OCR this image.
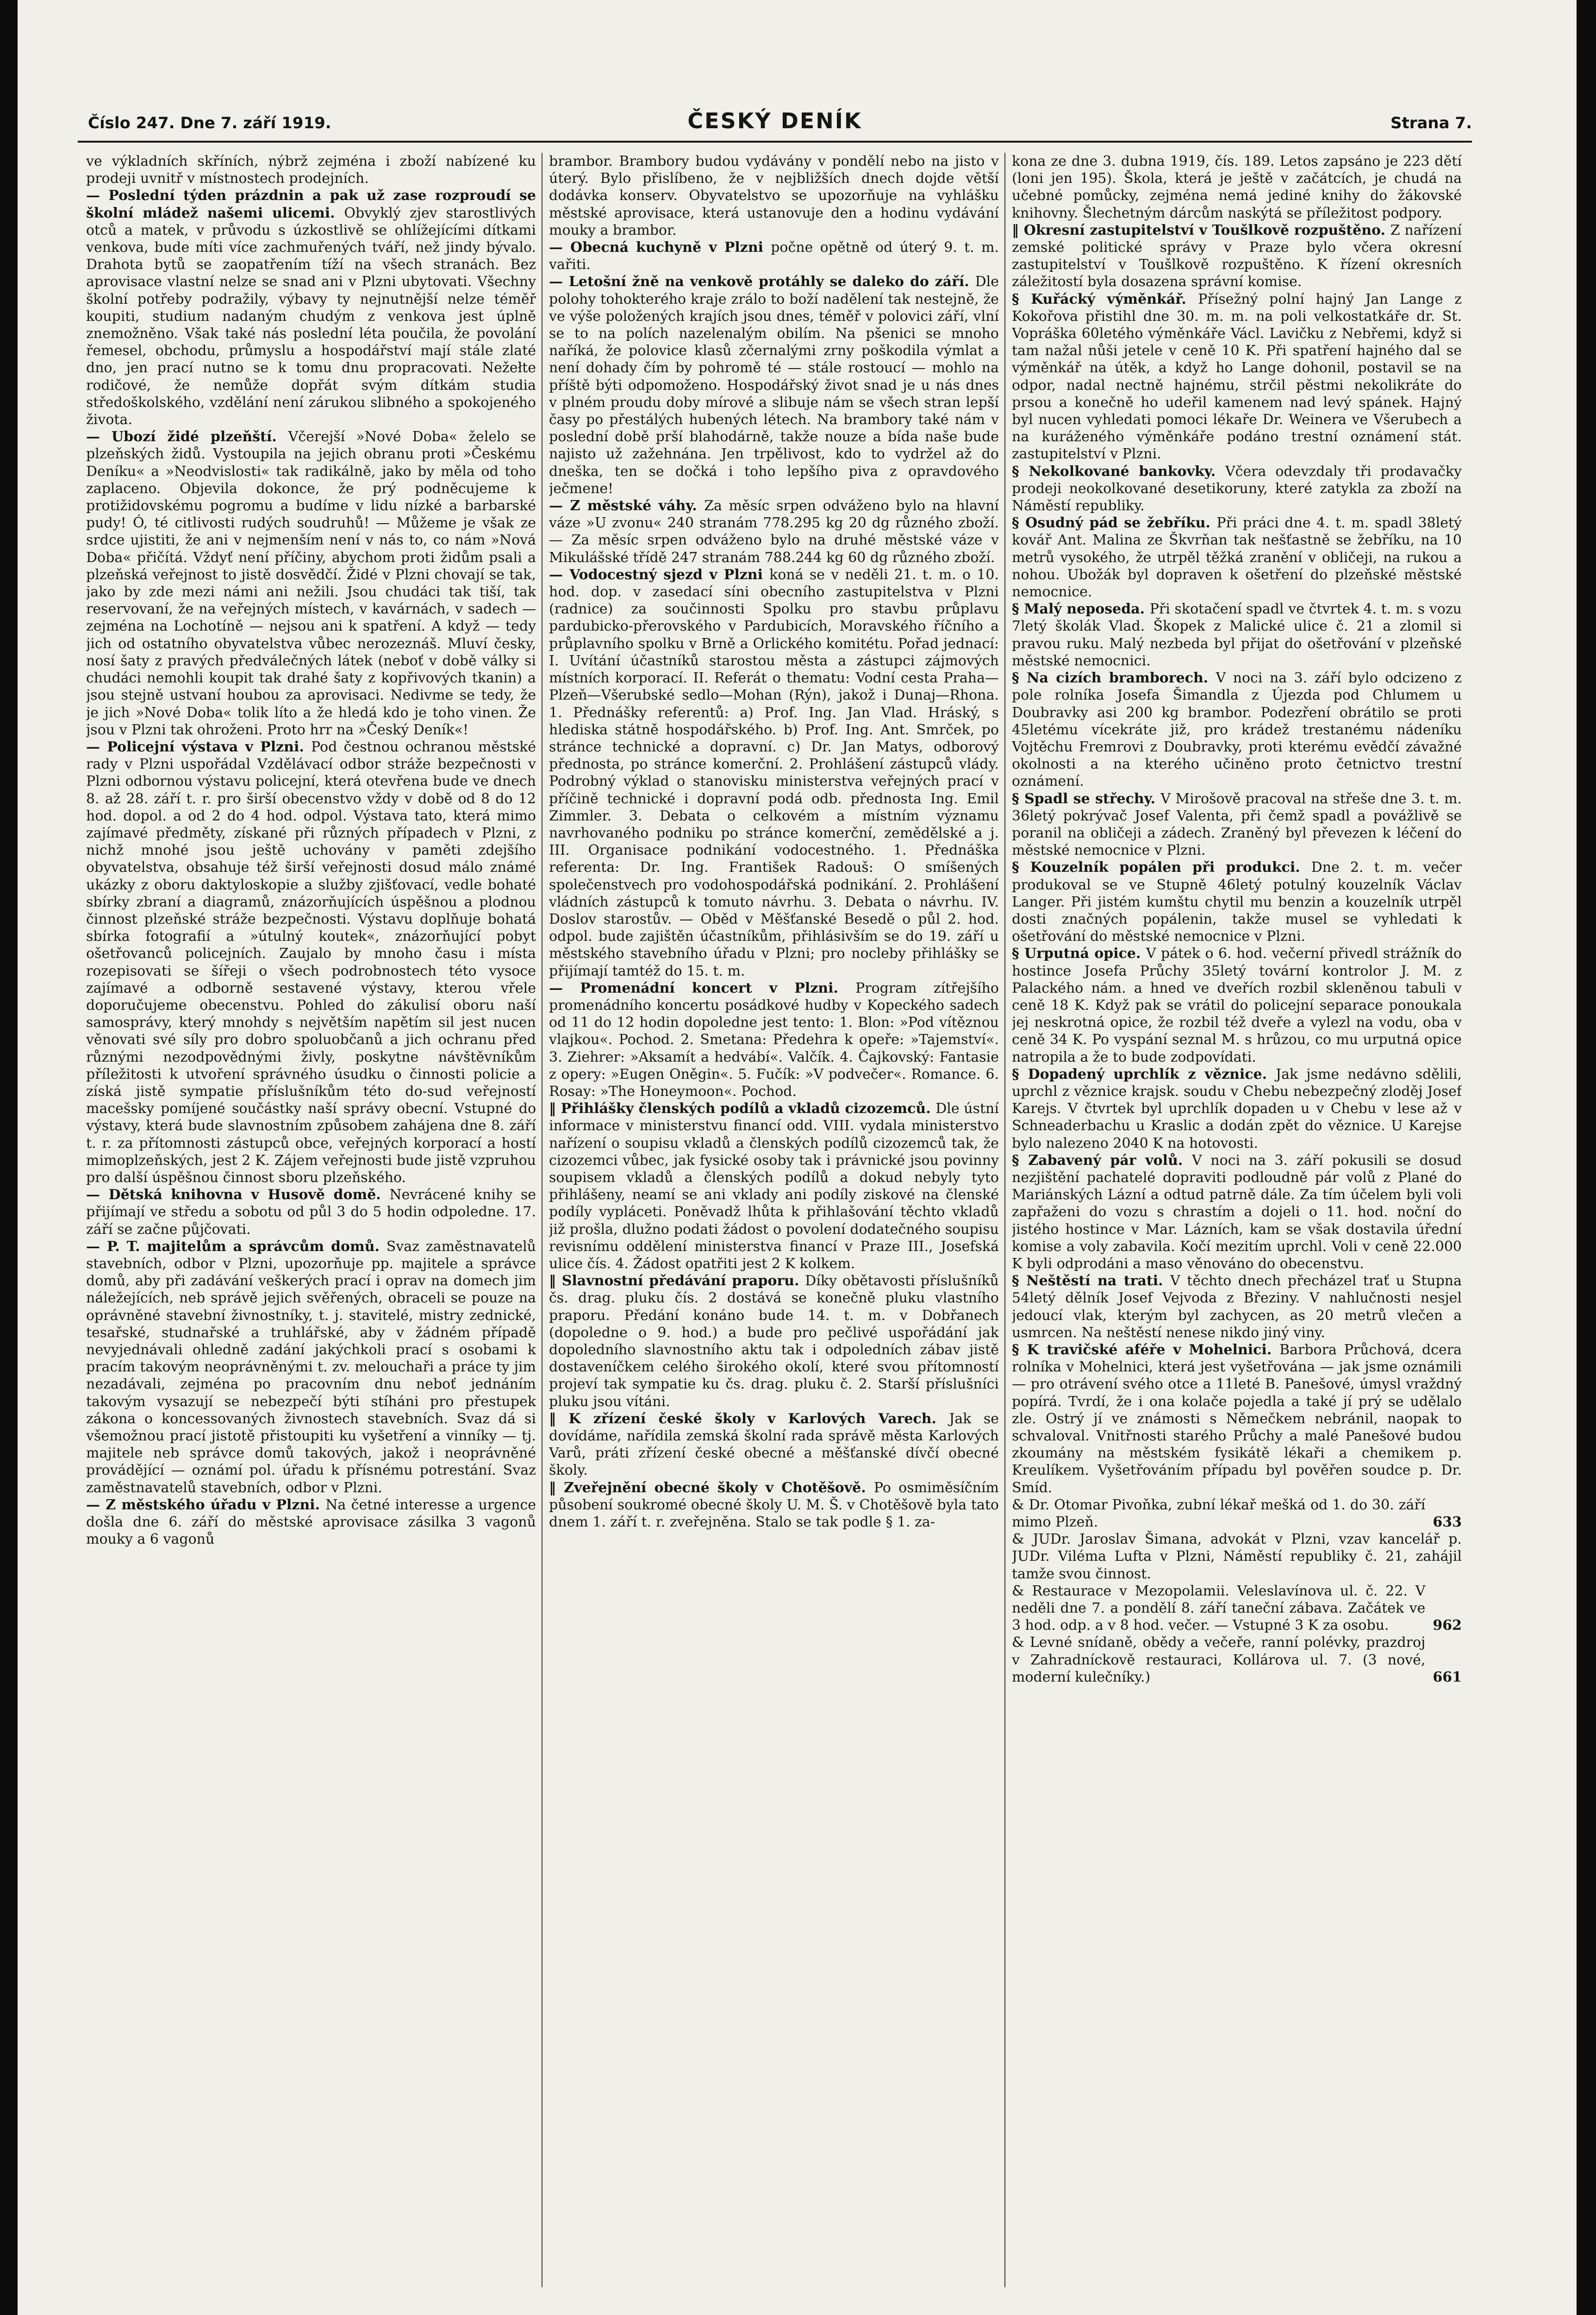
Číslo 247. Dne 7. září 1919.	ČESKÝ DENÍK	Strana 7.

ve výkladních skříních, nýbrž zejména i zboží nabízené ku prodeji uvnitř v místnostech prodejních.

— Poslední týden prázdnin a pak už zase rozproudí se školní mládež našemi ulicemi. Obvyklý zjev starostlivých otců a matek, v průvodu s úzkostlivě se ohlížejícími dítkami venkova, bude míti více zachmuřených tváří, než jindy bývalo. Drahota bytů se zaopatřením tíží na všech stranách. Bez aprovisace vlastní nelze se snad ani v Plzni ubytovati. Všechny školní potřeby podražily, výbavy ty nejnutnější nelze téměř koupiti, studium nadaným chudým z venkova jest úplně znemožněno. Však také nás poslední léta poučila, že povolání řemesel, obchodu, průmyslu a hospodářství mají stále zlaté dno, jen prací nutno se k tomu dnu propracovati. Nežełte rodičové, že nemůže dopřát svým dítkám studia středoškolského, vzdělání není zárukou slibného a spokojeného života.

— Ubozí židé plzeňští. Včerejší »Nové Doba« želelo se plzeňských židů. Vystoupila na jejich obranu proti »Českému Deníku« a »Neodvislosti« tak radikálně, jako by měla od toho zaplaceno. Objevila dokonce, že prý podněcujeme k protižidovskému pogromu a budíme v lidu nízké a barbarské pudy! Ó, té citlivosti rudých soudruhů! — Můžeme je však ze srdce ujistiti, že ani v nejmenším není v nás to, co nám »Nová Doba« přičítá. Vždyť není příčiny, abychom proti židům psali a plzeňská veřejnost to jistě dosvědčí. Židé v Plzni chovají se tak, jako by zde mezi námi ani nežili. Jsou chudáci tak tiší, tak reservovaní, že na veřejných místech, v kavárnách, v sadech — zejména na Lochotíně — nejsou ani k spatření. A když — tedy jich od ostatního obyvatelstva vůbec nerozeznáš. Mluví česky, nosí šaty z pravých předválečných látek (neboť v době války si chudáci nemohli koupit tak drahé šaty z kopřivových tkanin) a jsou stejně ustvaní houbou za aprovisaci. Nedivme se tedy, že je jich »Nové Doba« tolik líto a že hledá kdo je toho vinen. Že jsou v Plzni tak ohroženi. Proto hrr na »Český Deník«!

— Policejní výstava v Plzni. Pod čestnou ochranou městské rady v Plzni uspořádal Vzdělávací odbor stráže bezpečnosti v Plzni odbornou výstavu policejní, která otevřena bude ve dnech 8. až 28. září t. r. pro širší obecenstvo vždy v době od 8 do 12 hod. dopol. a od 2 do 4 hod. odpol. Výstava tato, která mimo zajímavé předměty, získané při různých případech v Plzni, z nichž mnohé jsou ještě uchovány v paměti zdejšího obyvatelstva, obsahuje též širší veřejnosti dosud málo známé ukázky z oboru daktyloskopie a služby zjišťovací, vedle bohaté sbírky zbraní a diagramů, znázorňujících úspěšnou a plodnou činnost plzeňské stráže bezpečnosti. Výstavu doplňuje bohatá sbírka fotografií a »útulný koutek«, znázorňující pobyt ošetřovanců policejních. Zaujalo by mnoho času i místa rozepisovati se šířeji o všech podrobnostech této vysoce zajímavé a odborně sestavené výstavy, kterou vřele doporučujeme obecenstvu. Pohled do zákulisí oboru naší samosprávy, který mnohdy s největším napětím sil jest nucen věnovati své síly pro dobro spoluobčanů a jich ochranu před různými nezodpovědnými živly, poskytne návštěvníkům příležitosti k utvoření správného úsudku o činnosti policie a získá jistě sympatie příslušníkům této do-sud veřejností macešsky pomíjené součástky naší správy obecní. Vstupné do výstavy, která bude slavnostním způsobem zahájena dne 8. září t. r. za přítomnosti zástupců obce, veřejných korporací a hostí mimoplzeňských, jest 2 K. Zájem veřejnosti bude jistě vzpruhou pro další úspěšnou činnost sboru plzeňského.

— Dětská knihovna v Husově domě. Nevrácené knihy se přijímají ve středu a sobotu od půl 3 do 5 hodin odpoledne. 17. září se začne půjčovati.

— P. T. majitelům a správcům domů. Svaz zaměstnavatelů stavebních, odbor v Plzni, upozorňuje pp. majitele a správce domů, aby při zadávání veškerých prací i oprav na domech jim náležejících, neb správě jejich svěřených, obraceli se pouze na oprávněné stavební živnostníky, t. j. stavitelé, mistry zednické, tesařské, studnařské a truhlářské, aby v žádném případě nevyjednávali ohledně zadání jakýchkoli prací s osobami k pracím takovým neoprávněnými t. zv. melouchaři a práce ty jim nezadávali, zejména po pracovním dnu neboť jednáním takovým vysazují se nebezpečí býti stíháni pro přestupek zákona o koncessovaných živnostech stavebních. Svaz dá si všemožnou prací jistotě přistoupiti ku vyšetření a vinníky — tj. majitele neb správce domů takových, jakož i neoprávněné provádějící — oznámí pol. úřadu k přísnému potrestání. Svaz zaměstnavatelů stavebních, odbor v Plzni.

— Z městského úřadu v Plzni. Na četné interesse a urgence došla dne 6. září do městské aprovisace zásilka 3 vagonů mouky a 6 vagonů

brambor. Brambory budou vydávány v pondělí nebo na jisto v úterý. Bylo přislíbeno, že v nejbližších dnech dojde větší dodávka konserv. Obyvatelstvo se upozorňuje na vyhlášku městské aprovisace, která ustanovuje den a hodinu vydávání mouky a brambor.

— Obecná kuchyně v Plzni počne opětně od úterý 9. t. m. vařiti.

— Letošní žně na venkově protáhly se daleko do září. Dle polohy tohokterého kraje zrálo to boží nadělení tak nestejně, že ve výše položených krajích jsou dnes, téměř v polovici září, vlní se to na polích nazelenalým obilím. Na pšenici se mnoho naříká, že polovice klasů zčernalými zrny poškodila výmlat a není dohady čím by pohromě té — stále rostoucí — mohlo na příště býti odpomoženo. Hospodářský život snad je u nás dnes v plném proudu doby mírové a slibuje nám se všech stran lepší časy po přestálých hubených létech. Na brambory také nám v poslední době prší blahodárně, takže nouze a bída naše bude najisto už zažehnána. Jen trpělivost, kdo to vydržel až do dneška, ten se dočká i toho lepšího piva z opravdového ječmene!

— Z městské váhy. Za měsíc srpen odváženo bylo na hlavní váze »U zvonu« 240 stranám 778.295 kg 20 dg různého zboží. — Za měsíc srpen odváženo bylo na druhé městské váze v Mikulášské třídě 247 stranám 788.244 kg 60 dg různého zboží.

— Vodocestný sjezd v Plzni koná se v neděli 21. t. m. o 10. hod. dop. v zasedací síni obecního zastupitelstva v Plzni (radnice) za součinnosti Spolku pro stavbu průplavu pardubicko-přerovského v Pardubicích, Moravského říčního a průplavního spolku v Brně a Orlického komitétu. Pořad jednací: I. Uvítání účastníků starostou města a zástupci zájmových místních korporací. II. Referát o thematu: Vodní cesta Praha—Plzeň—Všerubské sedlo—Mohan (Rýn), jakož i Dunaj—Rhona. 1. Přednášky referentů: a) Prof. Ing. Jan Vlad. Hráský, s hlediska státně hospodářského. b) Prof. Ing. Ant. Smrček, po stránce technické a dopravní. c) Dr. Jan Matys, odborový přednosta, po stránce komerční. 2. Prohlášení zástupců vlády. Podrobný výklad o stanovisku ministerstva veřejných prací v příčině technické i dopravní podá odb. přednosta Ing. Emil Zimmler. 3. Debata o celkovém a místním významu navrhovaného podniku po stránce komerční, zemědělské a j. III. Organisace podnikání vodocestného. 1. Přednáška referenta: Dr. Ing. František Radouš: O smíšených společenstvech pro vodohospodářská podnikání. 2. Prohlášení vládních zástupců k tomuto návrhu. 3. Debata o návrhu. IV. Doslov starostův. — Oběd v Měšťanské Besedě o půl 2. hod. odpol. bude zajištěn účastníkům, přihlásivším se do 19. září u městského stavebního úřadu v Plzni; pro nocleby přihlášky se přijímají tamtéž do 15. t. m.

— Promenádní koncert v Plzni. Program zítřejšího promenádního koncertu posádkové hudby v Kopeckého sadech od 11 do 12 hodin dopoledne jest tento: 1. Blon: »Pod vítěznou vlajkou«. Pochod. 2. Smetana: Předehra k opeře: »Tajemství«. 3. Ziehrer: »Aksamít a hedvábí«. Valčík. 4. Čajkovský: Fantasie z opery: »Eugen Oněgin«. 5. Fučík: »V podvečer«. Romance. 6. Rosay: »The Honeymoon«. Pochod.

‖ Přihlášky členských podílů a vkladů cizozemců. Dle ústní informace v ministerstvu financí odd. VIII. vydala ministerstvo nařízení o soupisu vkladů a členských podílů cizozemců tak, že cizozemci vůbec, jak fysické osoby tak i právnické jsou povinny soupisem vkladů a členských podílů a dokud nebyly tyto přihlášeny, neamí se ani vklady ani podíly ziskové na členské podíly vypláceti. Poněvadž lhůta k přihlašování těchto vkladů již prošla, dlužno podati žádost o povolení dodatečného soupisu revisnímu oddělení ministerstva financí v Praze III., Josefská ulice čís. 4. Žádost opatřiti jest 2 K kolkem.

‖ Slavnostní předávání praporu. Díky obětavosti příslušníků čs. drag. pluku čís. 2 dostává se konečně pluku vlastního praporu. Předání konáno bude 14. t. m. v Dobřanech (dopoledne o 9. hod.) a bude pro pečlivé uspořádání jak dopoledního slavnostního aktu tak i odpoledních zábav jistě dostaveníčkem celého širokého okolí, které svou přítomností projeví tak sympatie ku čs. drag. pluku č. 2. Starší příslušníci pluku jsou vítáni.

‖ K zřízení české školy v Karlových Varech. Jak se dovídáme, nařídila zemská školní rada správě města Karlových Varů, práti zřízení české obecné a měšťanské dívčí obecné školy.

‖ Zveřejnění obecné školy v Chotěšově. Po osmiměsíčním působení soukromé obecné školy U. M. Š. v Chotěšově byla tato dnem 1. září t. r. zveřejněna. Stalo se tak podle § 1. za-

kona ze dne 3. dubna 1919, čís. 189. Letos zapsáno je 223 dětí (loni jen 195). Škola, která je ještě v začátcích, je chudá na učebné pomůcky, zejména nemá jediné knihy do žákovské knihovny. Šlechetným dárcům naskýtá se příležitost podpory.

‖ Okresní zastupitelství v Toušlkově rozpuštěno. Z nařízení zemské politické správy v Praze bylo včera okresní zastupitelství v Toušlkově rozpuštěno. K řízení okresních záležitostí byla dosazena správní komise.

§ Kuřácký výměnkář. Přísežný polní hajný Jan Lange z Kokořova přistihl dne 30. m. m. na poli velkostatkáře dr. St. Vopráška 60letého výměnkáře Václ. Lavičku z Nebřemi, když si tam nažal nůši jetele v ceně 10 K. Při spatření hajného dal se výměnkář na útěk, a když ho Lange dohonil, postavil se na odpor, nadal nectně hajnému, strčil pěstmi nekolikráte do prsou a konečně ho udeřil kamenem nad levý spánek. Hajný byl nucen vyhledati pomoci lékaře Dr. Weinera ve Všerubech a na kuráženého výměnkáře podáno trestní oznámení stát. zastupitelství v Plzni.

§ Nekolkované bankovky. Včera odevzdaly tři prodavačky prodeji neokolkované desetikoruny, které zatykla za zboží na Náměstí republiky.

§ Osudný pád se žebříku. Při práci dne 4. t. m. spadl 38letý kovář Ant. Malina ze Škvrňan tak nešťastně se žebříku, na 10 metrů vysokého, že utrpěl těžká zranění v obličeji, na rukou a nohou. Ubožák byl dopraven k ošetření do plzeňské městské nemocnice.

§ Malý neposeda. Při skotačení spadl ve čtvrtek 4. t. m. s vozu 7letý školák Vlad. Škopek z Malické ulice č. 21 a zlomil si pravou ruku. Malý nezbeda byl přijat do ošetřování v plzeňské městské nemocnici.

§ Na cizích bramborech. V noci na 3. září bylo odcizeno z pole rolníka Josefa Šimandla z Újezda pod Chlumem u Doubravky asi 200 kg brambor. Podezření obrátilo se proti 45letému vícekráte již, pro krádež trestanému nádeníku Vojtěchu Fremrovi z Doubravky, proti kterému evědčí závažné okolnosti a na kterého učiněno proto četnictvo trestní oznámení.

§ Spadl se střechy. V Mirošově pracoval na střeše dne 3. t. m. 36letý pokrývač Josef Valenta, při čemž spadl a povážlivě se poranil na obličeji a zádech. Zraněný byl převezen k léčení do městské nemocnice v Plzni.

§ Kouzelník popálen při produkci. Dne 2. t. m. večer produkoval se ve Stupně 46letý potulný kouzelník Václav Langer. Při jistém kumštu chytil mu benzin a kouzelník utrpěl dosti značných popálenin, takže musel se vyhledati k ošetřování do městské nemocnice v Plzni.

§ Urputná opice. V pátek o 6. hod. večerní přivedl strážník do hostince Josefa Průchy 35letý tovární kontrolor J. M. z Palackého nám. a hned ve dveřích rozbil skleněnou tabuli v ceně 18 K. Když pak se vrátil do policejní separace ponoukala jej neskrotná opice, že rozbil též dveře a vylezl na vodu, oba v ceně 34 K. Po vyspání seznal M. s hrůzou, co mu urputná opice natropila a že to bude zodpovídati.

§ Dopadený uprchlík z věznice. Jak jsme nedávno sdělili, uprchl z věznice krajsk. soudu v Chebu nebezpečný zloděj Josef Karejs. V čtvrtek byl uprchlík dopaden u v Chebu v lese až v Schneaderbachu u Kraslic a dodán zpět do věznice. U Karejse bylo nalezeno 2040 K na hotovosti.

§ Zabavený pár volů. V noci na 3. září pokusili se dosud nezjištění pachatelé dopraviti podloudně pár volů z Plané do Mariánských Lázní a odtud patrně dále. Za tím účelem byli voli zapřaženi do vozu s chrastím a dojeli o 11. hod. noční do jistého hostince v Mar. Lázních, kam se však dostavila úřední komise a voly zabavila. Kočí mezitím uprchl. Voli v ceně 22.000 K byli odprodáni a maso věnováno do obecenstvu.

§ Neštěstí na trati. V těchto dnech přecházel trať u Stupna 54letý dělník Josef Vejvoda z Březiny. V nahlučnosti nesjel jedoucí vlak, kterým byl zachycen, as 20 metrů vlečen a usmrcen. Na neštěstí nenese nikdo jiný viny.

§ K travičské aféře v Mohelnici. Barbora Průchová, dcera rolníka v Mohelnici, která jest vyšetřována — jak jsme oznámili — pro otrávení svého otce a 11leté B. Panešové, úmysl vraždný popírá. Tvrdí, že i ona kolače pojedla a také jí prý se udělalo zle. Ostrý jí ve známosti s Němečkem nebránil, naopak to schvaloval. Vnitřnosti starého Průchy a malé Panešové budou zkoumány na městském fysikátě lékaři a chemikem p. Kreulíkem. Vyšetřováním případu byl pověřen soudce p. Dr. Smíd.

& Dr. Otomar Pivoňka, zubní lékař mešká od 1. do 30. září mimo Plzeň.	633

& JUDr. Jaroslav Šimana, advokát v Plzni, vzav kancelář p. JUDr. Viléma Lufta v Plzni, Náměstí republiky č. 21, zahájil tamže svou činnost.

& Restaurace v Mezopolamii. Veleslavínova ul. č. 22. V neděli dne 7. a pondělí 8. září taneční zábava. Začátek ve 3 hod. odp. a v 8 hod. večer. — Vstupné 3 K za osobu.	962

& Levné snídaně, obědy a večeře, ranní polévky, prazdroj v Zahradníckově restauraci, Kollárova ul. 7. (3 nové, moderní kulečníky.)	661
